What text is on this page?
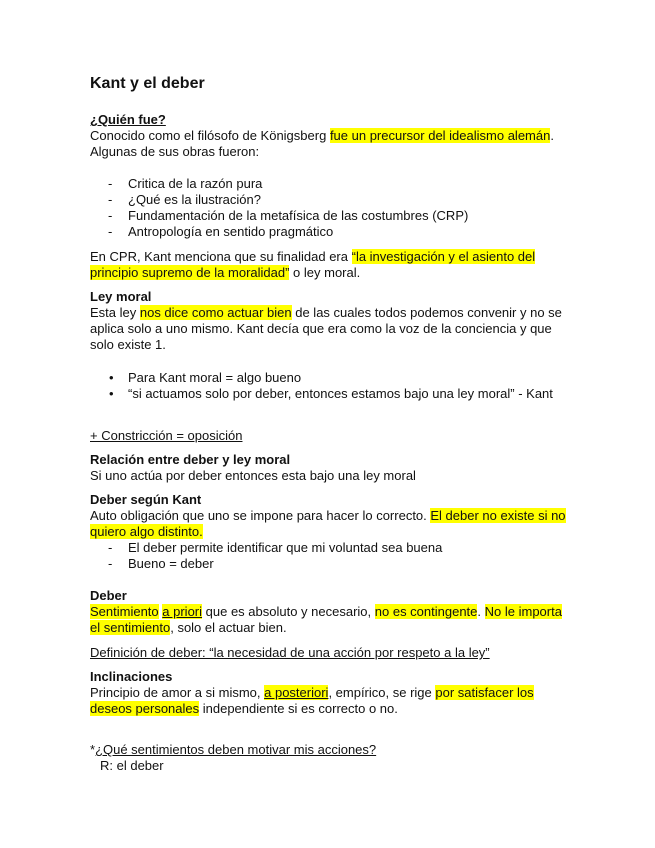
Kant y el deber

¿Quién fue?

Conocido como el filósofo de Königsberg fue un precursor del idealismo alemán.

Algunas de sus obras fueron:

- Critica de la razón pura
- ¿Qué es la ilustración?
- Fundamentación de la metafísica de las costumbres (CRP)
- Antropología en sentido pragmático

En CPR, Kant menciona que su finalidad era “la investigación y el asiento del

principio supremo de la moralidad” o ley moral.

Ley moral

Esta ley nos dice como actuar bien de las cuales todos podemos convenir y no se

aplica solo a uno mismo. Kant decía que era como la voz de la conciencia y que

solo existe 1.

• Para Kant moral = algo bueno
• “si actuamos solo por deber, entonces estamos bajo una ley moral” - Kant
+ Constricción = oposición

Relación entre deber y ley moral

Si uno actúa por deber entonces esta bajo una ley moral

Deber según Kant

Auto obligación que uno se impone para hacer lo correcto. El deber no existe si no

quiero algo distinto.

- El deber permite identificar que mi voluntad sea buena
- Bueno = deber

Deber

Sentimiento a priori que es absoluto y necesario, no es contingente. No le importa

el sentimiento, solo el actuar bien.

Definición de deber: “la necesidad de una acción por respeto a la ley”

Inclinaciones

Principio de amor a si mismo, a posteriori, empírico, se rige por satisfacer los

deseos personales independiente si es correcto o no.

*¿Qué sentimientos deben motivar mis acciones?

R: el deber
